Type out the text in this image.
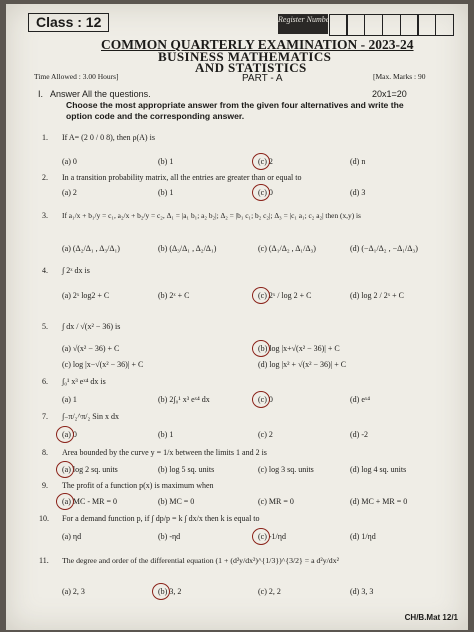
Class : 12	Register Number
COMMON QUARTERLY EXAMINATION - 2023-24
BUSINESS MATHEMATICS
AND STATISTICS
Time Allowed : 3.00 Hours]	PART - A	[Max. Marks : 90
I. Answer All the questions.	20x1=20
Choose the most appropriate answer from the given four alternatives and write the option code and the corresponding answer.
1. If A= (2 0 / 0 8), then ρ(A) is
(a) 0	(b) 1	(c) 2	(d) n
2. In a transition probability matrix, all the entries are greater than or equal to
(a) 2	(b) 1	(c) 0	(d) 3
3. If a₁/x + b₁/y = c₁, a₂/x + b₂/y = c₂, Δ₁ = |a₁ b₁; a₂ b₂|; Δ₂ = |b₁ c₁; b₂ c₂|; Δ₃ = |c₁ a₁; c₂ a₂| then (x,y) is
(a) (Δ₂/Δ₁ , Δ₃/Δ₁)	(b) (Δ₃/Δ₁ , Δ₂/Δ₁)	(c) (Δ₁/Δ₂ , Δ₁/Δ₃)	(d) (−Δ₁/Δ₂ , −Δ₁/Δ₃)
4. ∫ 2ˣ dx is
(a) 2ˣ log2 + C	(b) 2ˣ + C	(c) 2ˣ / log 2 + C	(d) log 2 / 2ˣ + C
5. ∫ dx / √(x² − 36) is
(a) √(x² − 36) + C	(b) log |x+√(x² − 36)| + C
(c) log |x−√(x² − 36)| + C	(d) log |x² + √(x² − 36)| + C
6. ∫₀¹ x³ eˣ⁴ dx is
(a) 1	(b) 2∫₀¹ x³ eˣ⁴ dx	(c) 0	(d) eˣ⁴
7. ∫₋π/₂^π/₂ Sin x dx
(a) 0	(b) 1	(c) 2	(d) -2
8. Area bounded by the curve y = 1/x between the limits 1 and 2 is
(a) log 2 sq. units	(b) log 5 sq. units	(c) log 3 sq. units	(d) log 4 sq. units
9. The profit of a function p(x) is maximum when
(a) MC - MR = 0	(b) MC = 0	(c) MR = 0	(d) MC + MR = 0
10. For a demand function p, if ∫ dp/p = k ∫ dx/x then k is equal to
(a) ηd	(b) -ηd	(c) -1/ηd	(d) 1/ηd
11. The degree and order of the differential equation (1 + (d²y/dx²)^{1/3})^{3/2} = a d²y/dx²
(a) 2, 3	(b) 3, 2	(c) 2, 2	(d) 3, 3
CH/B.Mat 12/1
